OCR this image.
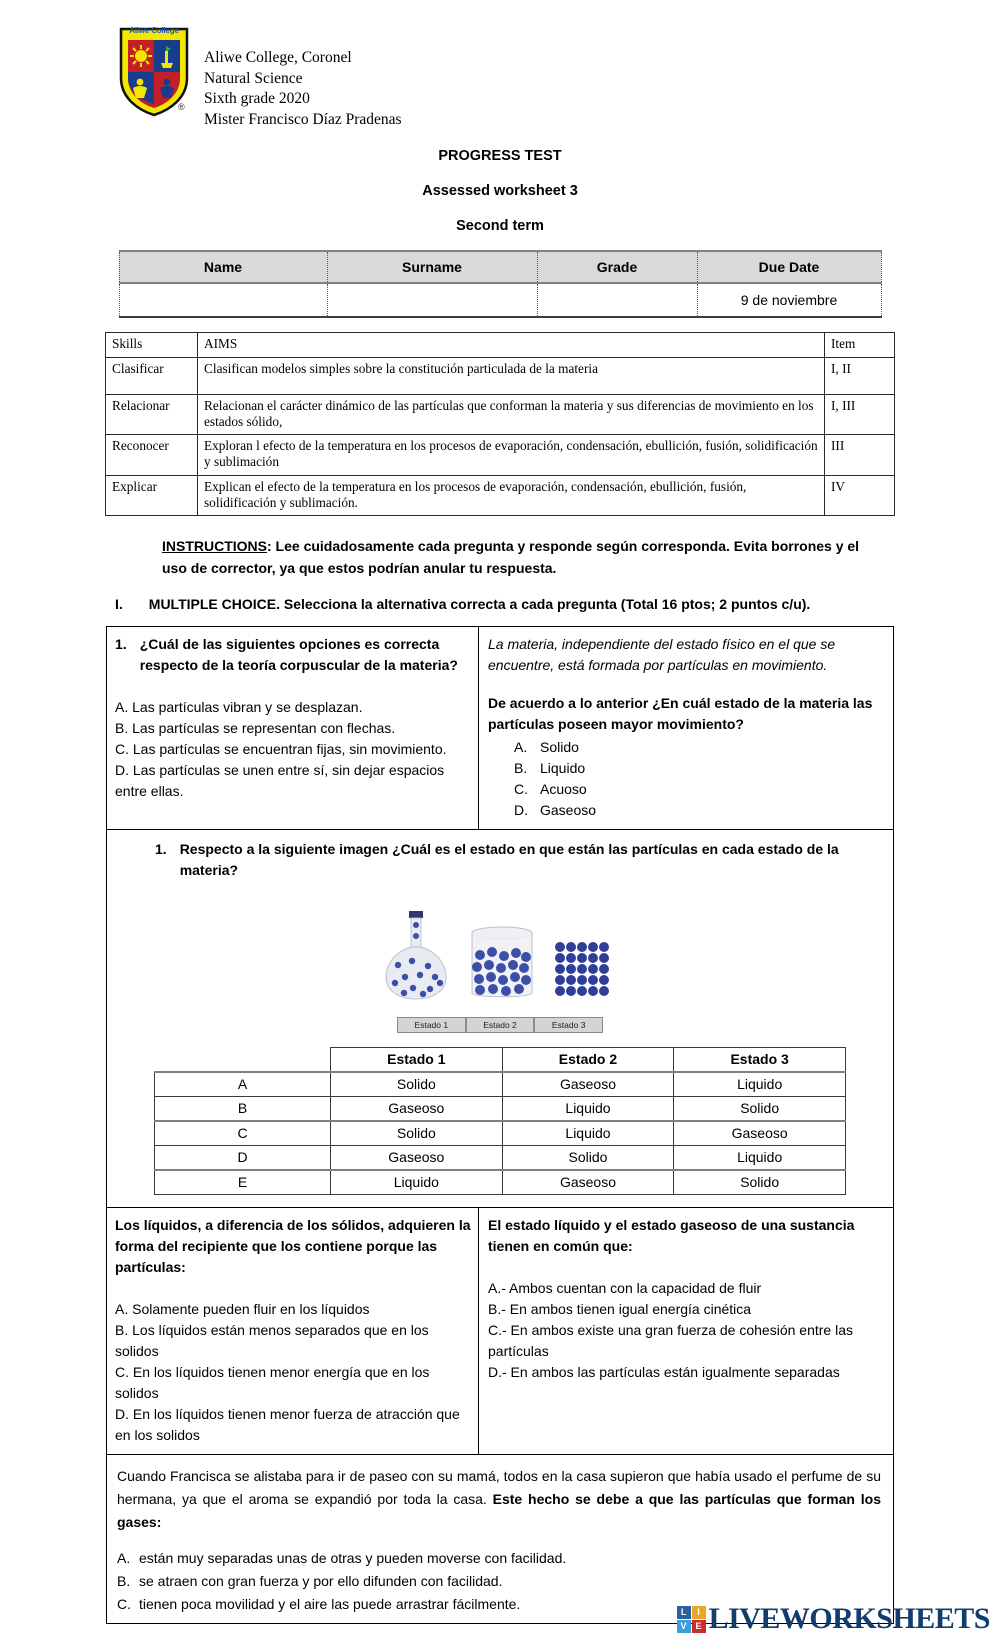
Aliwe College
®
Aliwe College, Coronel
Natural Science
Sixth grade 2020
Mister Francisco Díaz Pradenas
PROGRESS TEST
Assessed worksheet 3
Second term
Name	Surname	Grade	Due Date
			9 de noviembre
Skills	AIMS	Item
Clasificar	Clasifican modelos simples sobre la constitución particulada de la materia	I, II
Relacionar	Relacionan el carácter dinámico de las partículas que conforman la materia y sus diferencias de movimiento en los estados sólido,	I, III
Reconocer	Exploran l efecto de la temperatura en los procesos de evaporación, condensación, ebullición, fusión, solidificación y sublimación	III
Explicar	Explican el efecto de la temperatura en los procesos de evaporación, condensación, ebullición, fusión, solidificación y sublimación.	IV
INSTRUCTIONS: Lee cuidadosamente cada pregunta y responde según corresponda. Evita borrones y el uso de corrector, ya que estos podrían anular tu respuesta.
I. MULTIPLE CHOICE. Selecciona la alternativa correcta a cada pregunta (Total 16 ptos; 2 puntos c/u).
1. ¿Cuál de las siguientes opciones es correcta respecto de la teoría corpuscular de la materia?
A. Las partículas vibran y se desplazan.
B. Las partículas se representan con flechas.
C. Las partículas se encuentran fijas, sin movimiento.
D. Las partículas se unen entre sí, sin dejar espacios entre ellas.
La materia, independiente del estado físico en el que se encuentre, está formada por partículas en movimiento.
De acuerdo a lo anterior ¿En cuál estado de la materia las partículas poseen mayor movimiento?
A. Solido
B. Liquido
C. Acuoso
D. Gaseoso
1. Respecto a la siguiente imagen ¿Cuál es el estado en que están las partículas en cada estado de la materia?
Estado 1	Estado 2	Estado 3
	Estado 1	Estado 2	Estado 3
A	Solido	Gaseoso	Liquido
B	Gaseoso	Liquido	Solido
C	Solido	Liquido	Gaseoso
D	Gaseoso	Solido	Liquido
E	Liquido	Gaseoso	Solido
Los líquidos, a diferencia de los sólidos, adquieren la forma del recipiente que los contiene porque las partículas:
A. Solamente pueden fluir en los líquidos
B. Los líquidos están menos separados que en los solidos
C. En los líquidos tienen menor energía que en los solidos
D. En los líquidos tienen menor fuerza de atracción que en los solidos
El estado líquido y el estado gaseoso de una sustancia tienen en común que:
A.- Ambos cuentan con la capacidad de fluir
B.- En ambos tienen igual energía cinética
C.- En ambos existe una gran fuerza de cohesión entre las partículas
D.- En ambos las partículas están igualmente separadas
Cuando Francisca se alistaba para ir de paseo con su mamá, todos en la casa supieron que había usado el perfume de su hermana, ya que el aroma se expandió por toda la casa. Este hecho se debe a que las partículas que forman los gases:
A. están muy separadas unas de otras y pueden moverse con facilidad.
B. se atraen con gran fuerza y por ello difunden con facilidad.
C. tienen poca movilidad y el aire las puede arrastrar fácilmente.
L	I
V E LIVEWORKSHEETS
